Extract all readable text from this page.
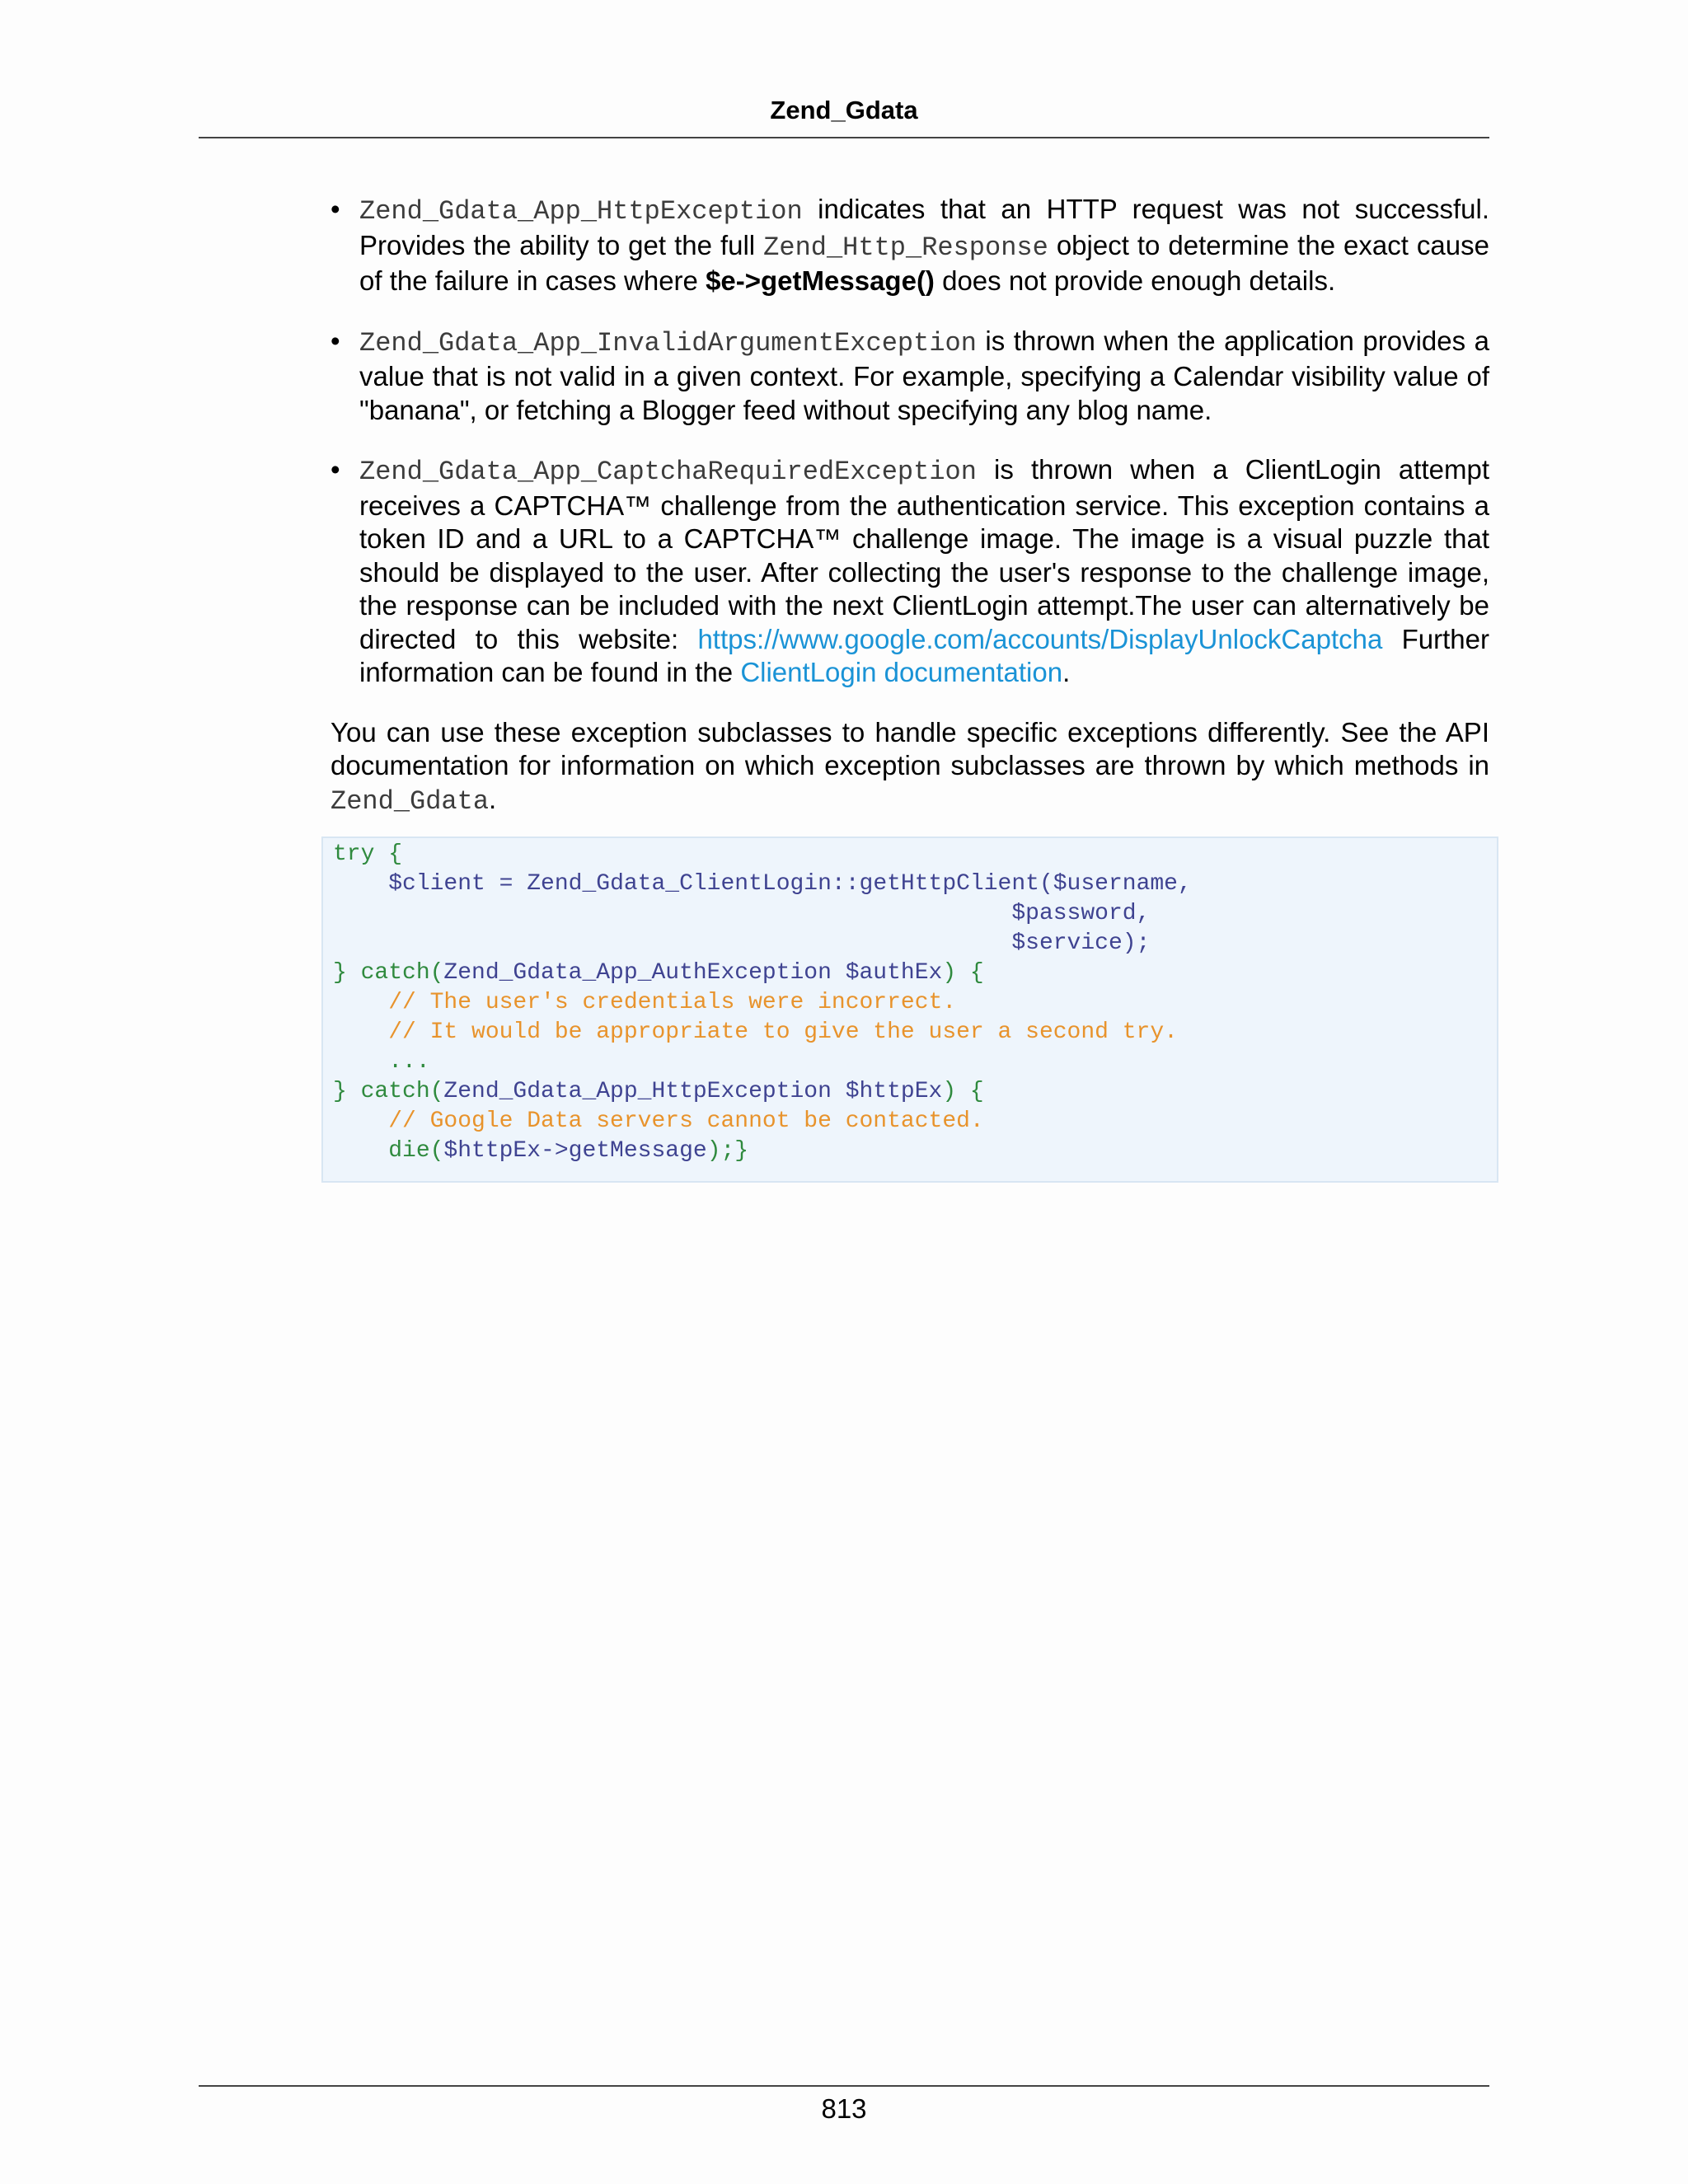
Zend_Gdata
• Zend_Gdata_App_HttpException indicates that an HTTP request was not successful. Provides the ability to get the full Zend_Http_Response object to determine the exact cause of the failure in cases where $e->getMessage() does not provide enough details.
• Zend_Gdata_App_InvalidArgumentException is thrown when the application provides a value that is not valid in a given context. For example, specifying a Calendar visibility value of "banana", or fetching a Blogger feed without specifying any blog name.
• Zend_Gdata_App_CaptchaRequiredException is thrown when a ClientLogin attempt receives a CAPTCHA™ challenge from the authentication service. This exception contains a token ID and a URL to a CAPTCHA™ challenge image. The image is a visual puzzle that should be displayed to the user. After collecting the user's response to the challenge image, the response can be included with the next ClientLogin attempt.The user can alternatively be directed to this website: https://www.google.com/accounts/DisplayUnlockCaptcha Further information can be found in the ClientLogin documentation.

You can use these exception subclasses to handle specific exceptions differently. See the API documentation for information on which exception subclasses are thrown by which methods in Zend_Gdata.

try {
$client = Zend_Gdata_ClientLogin::getHttpClient($username,
$password,
$service);
} catch(Zend_Gdata_App_AuthException $authEx) {
// The user's credentials were incorrect.
// It would be appropriate to give the user a second try.
...
} catch(Zend_Gdata_App_HttpException $httpEx) {
// Google Data servers cannot be contacted.
die($httpEx->getMessage);}
813
